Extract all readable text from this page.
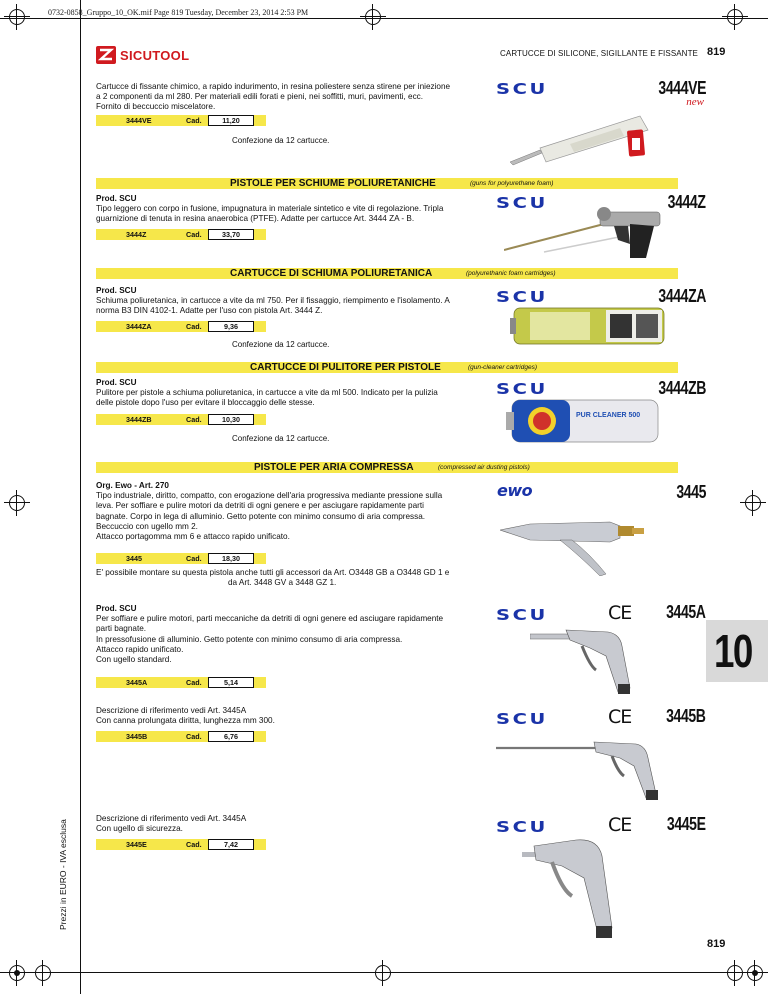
0732-0858_Gruppo_10_OK.mif Page 819 Tuesday, December 23, 2014 2:53 PM
SICUTOOL	CARTUCCE DI SILICONE, SIGILLANTE E FISSANTE 819
Cartucce di fissante chimico, a rapido indurimento, in resina poliestere senza stirene per iniezione
a 2 componenti da ml 280. Per materiali edili forati e pieni, nei soffitti, muri, pavimenti, ecc.
Fornito di beccuccio miscelatore.
3444VE	Cad.	11,20
Confezione da 12 cartucce.
SCU	3444VE
new
PISTOLE PER SCHIUME POLIURETANICHE	(guns for polyurethane foam)
Prod. SCU
Tipo leggero con corpo in fusione, impugnatura in materiale sintetico e vite di regolazione. Tripla
guarnizione di tenuta in resina anaerobica (PTFE). Adatte per cartucce Art. 3444 ZA - B.
3444Z	Cad.	33,70
SCU	3444Z
CARTUCCE DI SCHIUMA POLIURETANICA	(polyurethanic foam cartridges)
Prod. SCU
Schiuma poliuretanica, in cartucce a vite da ml 750. Per il fissaggio, riempimento e l'isolamento. A
norma B3 DIN 4102-1. Adatte per l'uso con pistola Art. 3444 Z.
3444ZA	Cad.	9,36
Confezione da 12 cartucce.
SCU	3444ZA
CARTUCCE DI PULITORE PER PISTOLE	(gun-cleaner cartridges)
Prod. SCU
Pulitore per pistole a schiuma poliuretanica, in cartucce a vite da ml 500. Indicato per la pulizia
delle pistole dopo l'uso per evitare il bloccaggio delle stesse.
3444ZB	Cad.	10,30
Confezione da 12 cartucce.
SCU	3444ZB
PUR CLEANER 500
PISTOLE PER ARIA COMPRESSA	(compressed air dusting pistols)
Org. Ewo - Art. 270
Tipo industriale, diritto, compatto, con erogazione dell'aria progressiva mediante pressione sulla
leva. Per soffiare e pulire motori da detriti di ogni genere e per asciugare rapidamente parti
bagnate. Corpo in lega di alluminio. Getto potente con minimo consumo di aria compressa.
Beccuccio con ugello mm 2.
Attacco portagomma mm 6 e attacco rapido unificato.
3445	Cad.	18,30
E' possibile montare su questa pistola anche tutti gli accessori da Art. O3448 GB a O3448 GD 1 e
da Art. 3448 GV a 3448 GZ 1.
ewo	3445
Prod. SCU
Per soffiare e pulire motori, parti meccaniche da detriti di ogni genere ed asciugare rapidamente
parti bagnate.
In pressofusione di alluminio. Getto potente con minimo consumo di aria compressa.
Attacco rapido unificato.
Con ugello standard.
3445A	Cad.	5,14
SCU	CE 3445A
10
Descrizione di riferimento vedi Art. 3445A
Con canna prolungata diritta, lunghezza mm 300.
3445B	Cad.	6,76
SCU	CE 3445B
Descrizione di riferimento vedi Art. 3445A
Con ugello di sicurezza.
3445E	Cad.	7,42
SCU	CE 3445E
Prezzi in EURO - IVA esclusa
819
